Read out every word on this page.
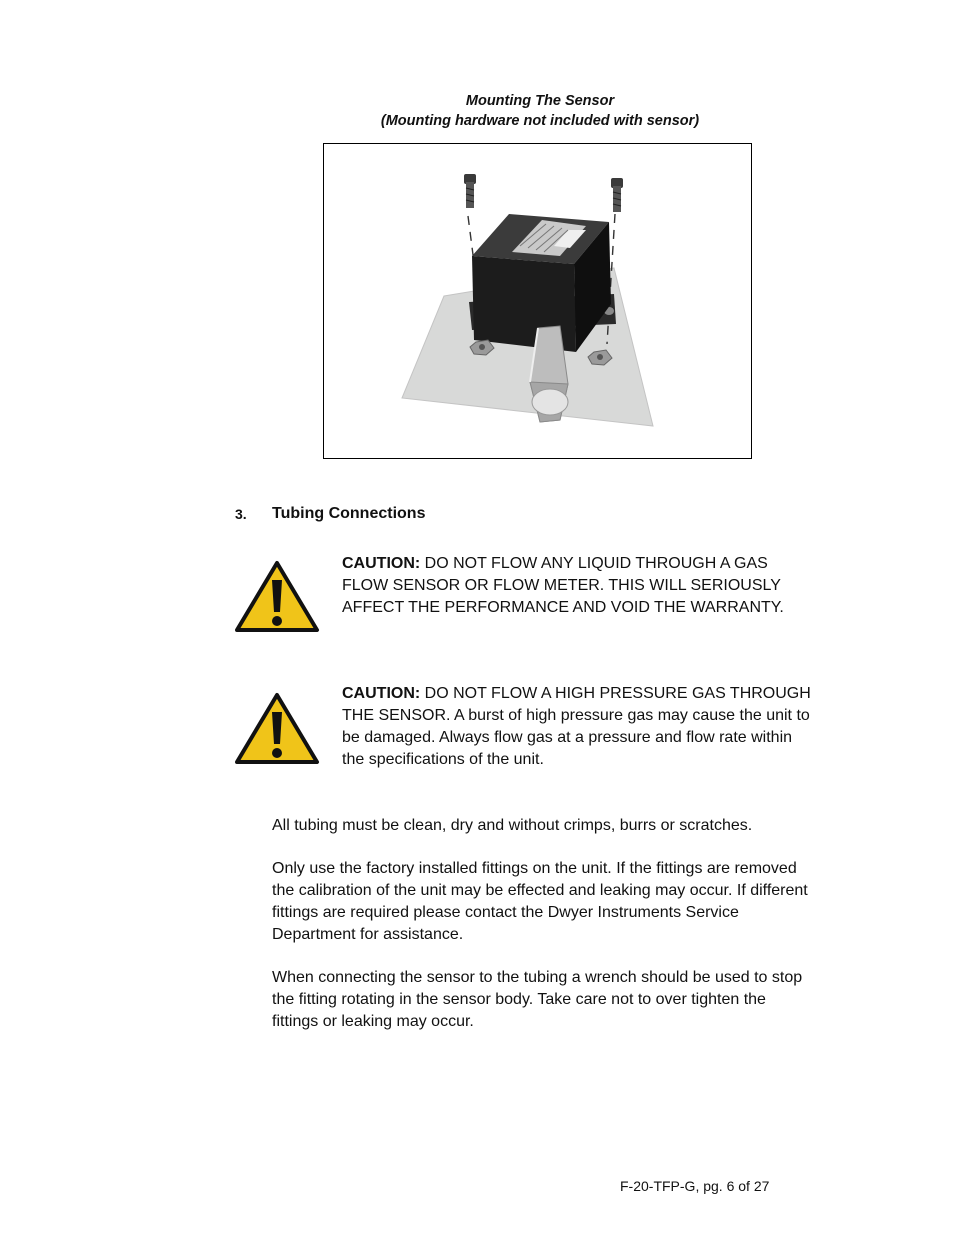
Mounting The Sensor
(Mounting hardware not included with sensor)
3. Tubing Connections
CAUTION: DO NOT FLOW ANY LIQUID THROUGH A GAS FLOW SENSOR OR FLOW METER. THIS WILL SERIOUSLY AFFECT THE PERFORMANCE AND VOID THE WARRANTY.
CAUTION: DO NOT FLOW A HIGH PRESSURE GAS THROUGH THE SENSOR. A burst of high pressure gas may cause the unit to be damaged. Always flow gas at a pressure and flow rate within the specifications of the unit.
All tubing must be clean, dry and without crimps, burrs or scratches.
Only use the factory installed fittings on the unit. If the fittings are removed the calibration of the unit may be effected and leaking may occur. If different fittings are required please contact the Dwyer Instruments Service Department for assistance.
When connecting the sensor to the tubing a wrench should be used to stop the fitting rotating in the sensor body. Take care not to over tighten the fittings or leaking may occur.
F-20-TFP-G, pg. 6 of 27
